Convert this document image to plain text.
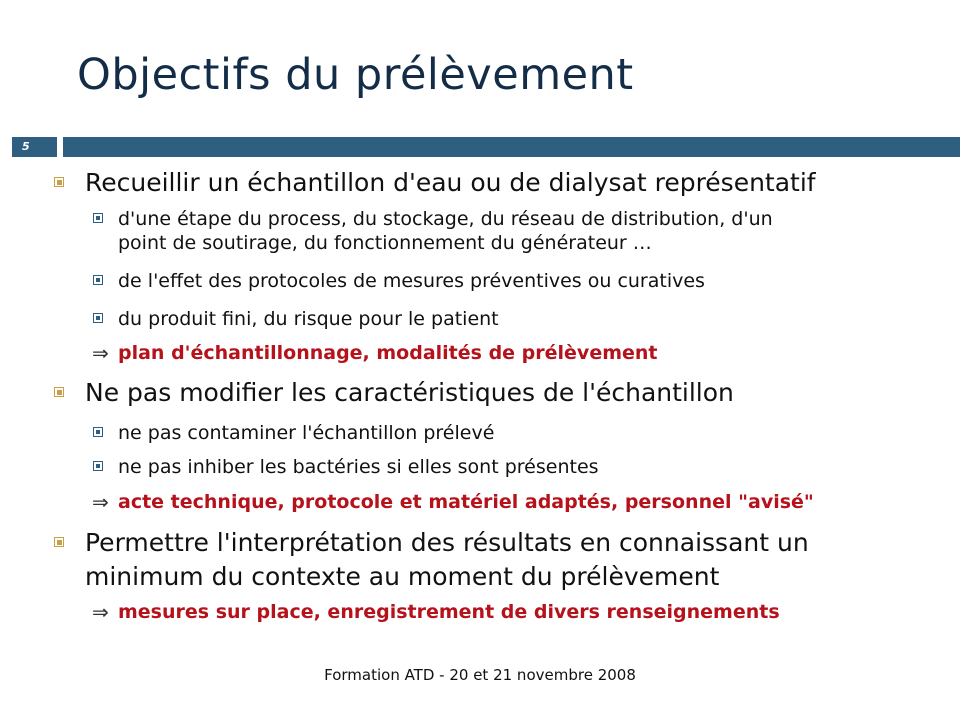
Objectifs du prélèvement
5
Recueillir un échantillon d'eau ou de dialysat représentatif
d'une étape du process, du stockage, du réseau de distribution, d'un
point de soutirage, du fonctionnement du générateur …
de l'effet des protocoles de mesures préventives ou curatives
du produit fini, du risque pour le patient
⇒ plan d'échantillonnage, modalités de prélèvement
Ne pas modifier les caractéristiques de l'échantillon
ne pas contaminer l'échantillon prélevé
ne pas inhiber les bactéries si elles sont présentes
⇒ acte technique, protocole et matériel adaptés, personnel "avisé"
Permettre l'interprétation des résultats en connaissant un
minimum du contexte au moment du prélèvement
⇒ mesures sur place, enregistrement de divers renseignements
Formation ATD - 20 et 21 novembre 2008
